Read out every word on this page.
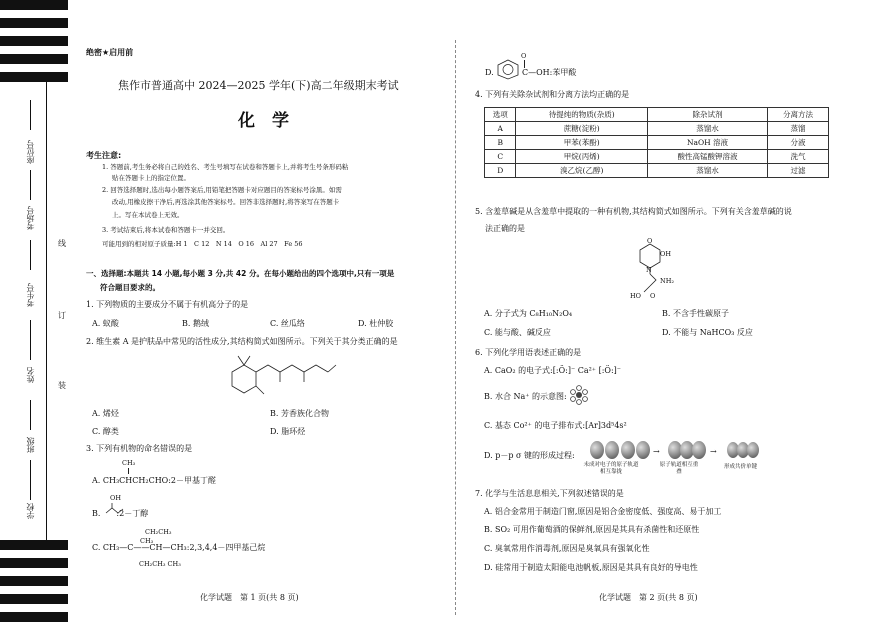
座位号
考场号
考生号
姓名
班级
学校
线
订
装
绝密★启用前
焦作市普通高中 2024—2025 学年(下)高二年级期末考试
化　学
考生注意:
1. 答题前,考生务必将自己的姓名、考生号填写在试卷和答题卡上,并将考生号条形码粘
贴在答题卡上的指定位置。
2. 回答选择题时,选出每小题答案后,用铅笔把答题卡对应题目的答案标号涂黑。如需
改动,用橡皮擦干净后,再选涂其他答案标号。回答非选择题时,将答案写在答题卡
上。写在本试卷上无效。
3. 考试结束后,将本试卷和答题卡一并交回。
可能用到的相对原子质量:H 1　C 12　N 14　O 16　Al 27　Fe 56
一、选择题:本题共 14 小题,每小题 3 分,共 42 分。在每小题给出的四个选项中,只有一项是
符合题目要求的。
1. 下列物质的主要成分不属于有机高分子的是
A. 蚁酸	B. 鹅绒	C. 丝瓜络	D. 杜仲胶
2. 维生素 A 是护肤品中常见的活性成分,其结构简式如图所示。下列关于其分类正确的是
A. 烯烃	B. 芳香族化合物
C. 醇类	D. 脂环烃
3. 下列有机物的命名错误的是
CH₃
A. CH₃CHCH₂CHO:2－甲基丁醛
OH
B.　　:2－丁醇
CH₂CH₃
C. CH₃—C——CH—CH₃:2,3,4,4－四甲基己烷
CH₂CH₃ CH₃
CH₃
化学试题　第 1 页(共 8 页)
O
D.	C—OH:苯甲酸
4. 下列有关除杂试剂和分离方法均正确的是
选项	待提纯的物质(杂质)	除杂试剂	分离方法
A	蔗糖(淀粉)	蒸馏水	蒸馏
B	甲苯(苯酚)	NaOH 溶液	分液
C	甲烷(丙烯)	酸性高锰酸钾溶液	洗气
D	溴乙烷(乙醇)	蒸馏水	过滤
5. 含羞草碱是从含羞草中提取的一种有机物,其结构简式如图所示。下列有关含羞草碱的说
法正确的是
O
OH
N
NH₂
HO O
A. 分子式为 C₈H₁₀N₂O₄	B. 不含手性碳原子
C. 能与酸、碱反应	D. 不能与 NaHCO₃ 反应
6. 下列化学用语表述正确的是
A. CaO₂ 的电子式:[:Ö:]⁻ Ca²⁺ [:Ö:]⁻
B. 水合 Na⁺ 的示意图:
C. 基态 Co²⁺ 的电子排布式:[Ar]3d⁵4s²
D. p－p σ 键的形成过程:	→	→
未成对电子的原子轨道相互靠拢
原子轨道相互重叠
形成共价单键
7. 化学与生活息息相关,下列叙述错误的是
A. 铝合金常用于制造门窗,原因是铝合金密度低、强度高、易于加工
B. SO₂ 可用作葡萄酒的保鲜剂,原因是其具有杀菌性和还原性
C. 臭氧常用作消毒剂,原因是臭氧具有强氧化性
D. 硅常用于制造太阳能电池帆板,原因是其具有良好的导电性
化学试题　第 2 页(共 8 页)
